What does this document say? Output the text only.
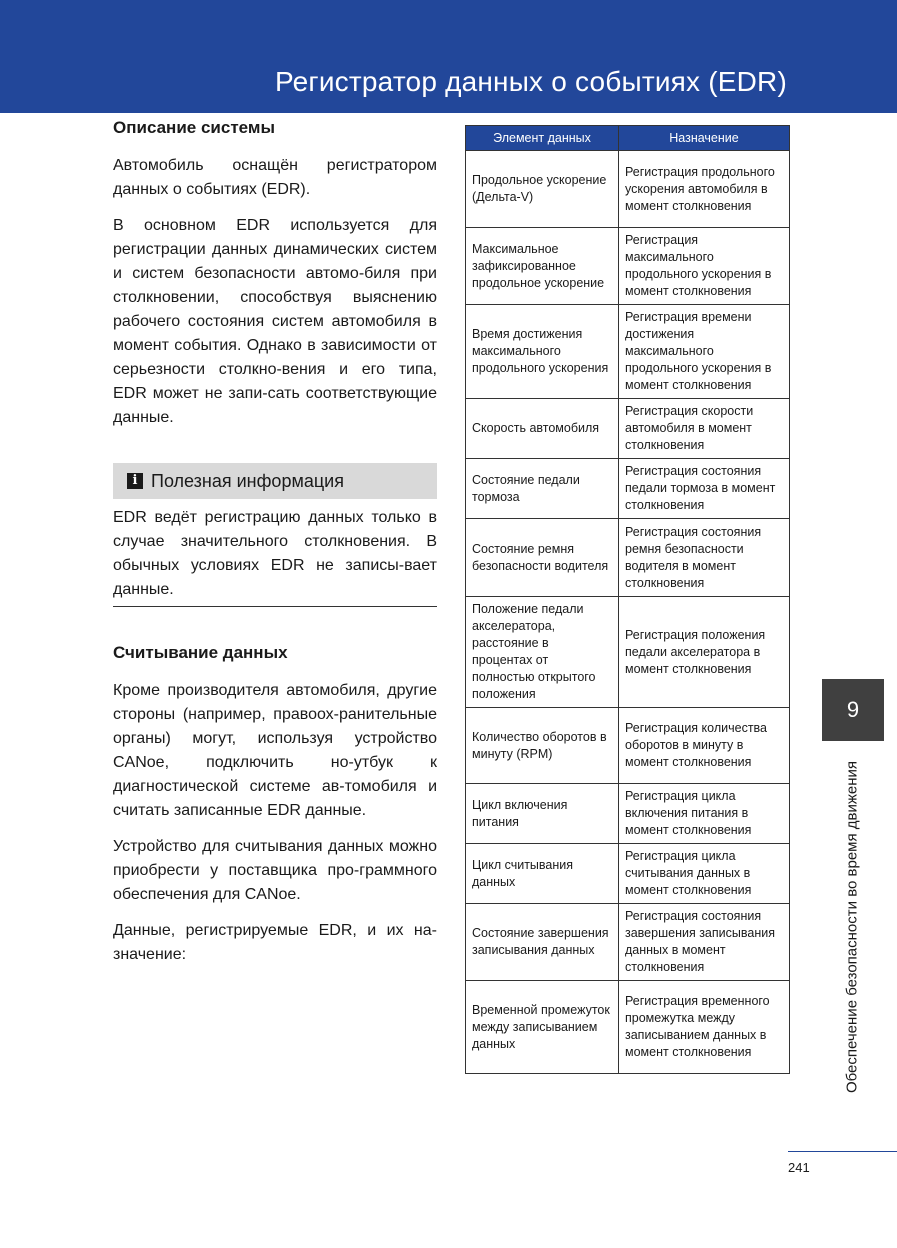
Регистратор данных о событиях (EDR)
Описание системы

Автомобиль оснащён регистратором данных о событиях (EDR).

В основном EDR используется для регистрации данных динамических систем и систем безопасности автомо-биля при столкновении, способствуя выяснению рабочего состояния систем автомобиля в момент события. Однако в зависимости от серьезности столкно-вения и его типа, EDR может не запи-сать соответствующие данные.

i Полезная информация

EDR ведёт регистрацию данных только в случае значительного столкновения. В обычных условиях EDR не записы-вает данные.

Считывание данных

Кроме производителя автомобиля, другие стороны (например, правоох-ранительные органы) могут, используя устройство CANoe, подключить но-утбук к диагностической системе ав-томобиля и считать записанные EDR данные.

Устройство для считывания данных можно приобрести у поставщика про-граммного обеспечения для CANoe.

Данные, регистрируемые EDR, и их на-значение:

Элемент данных	Назначение
Продольное ускорение (Дельта-V)	Регистрация продольного ускорения автомобиля в момент столкновения
Максимальное зафиксированное продольное ускорение	Регистрация максимального продольного ускорения в момент столкновения
Время достижения максимального продольного ускорения	Регистрация времени достижения максимального продольного ускорения в момент столкновения
Скорость автомобиля	Регистрация скорости автомобиля в момент столкновения
Состояние педали тормоза	Регистрация состояния педали тормоза в момент столкновения
Состояние ремня безопасности водителя	Регистрация состояния ремня безопасности водителя в момент столкновения
Положение педали акселератора, расстояние в процентах от полностью открытого положения	Регистрация положения педали акселератора в момент столкновения
Количество оборотов в минуту (RPM)	Регистрация количества оборотов в минуту в момент столкновения
Цикл включения питания	Регистрация цикла включения питания в момент столкновения
Цикл считывания данных	Регистрация цикла считывания данных в момент столкновения
Состояние завершения записывания данных	Регистрация состояния завершения записывания данных в момент столкновения
Временной промежуток между записыванием данных	Регистрация временного промежутка между записыванием данных в момент столкновения
9
Обеспечение безопасности во время движения
241
